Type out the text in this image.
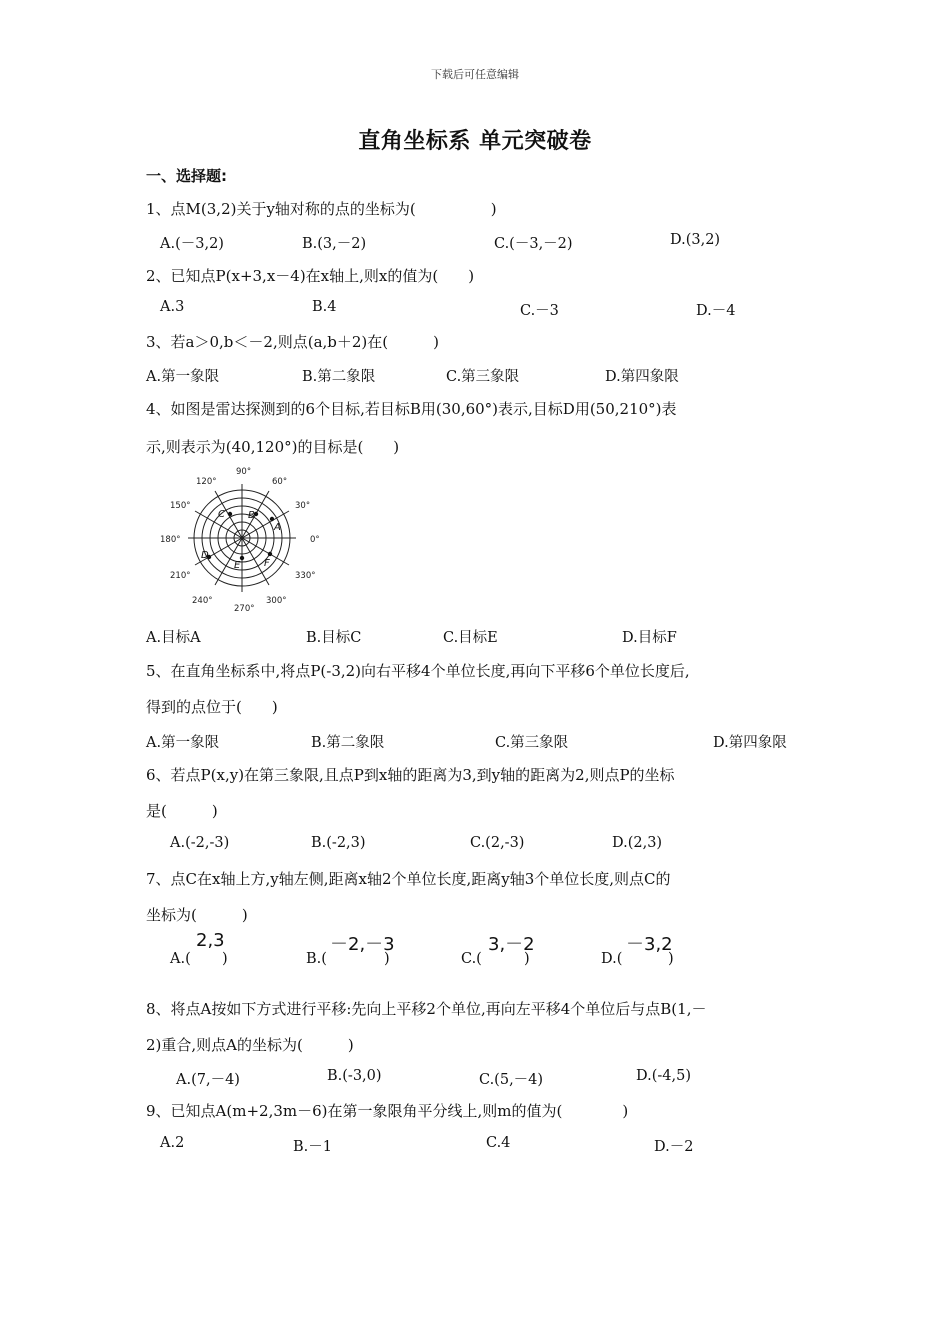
下载后可任意编辑
直角坐标系 单元突破卷
一、选择题:
1、点M(3,2)关于y轴对称的点的坐标为(　　　　　)
A.(－3,2)	B.(3,－2)	C.(－3,－2)	D.(3,2)
2、已知点P(x+3,x－4)在x轴上,则x的值为(　　)
A.3	B.4	C.－3	D.－4
3、若a＞0,b＜－2,则点(a,b＋2)在(　　　)
A.第一象限	B.第二象限	C.第三象限	D.第四象限
4、如图是雷达探测到的6个目标,若目标B用(30,60°)表示,目标D用(50,210°)表
示,则表示为(40,120°)的目标是(　　)
90°
120°	60°
150°	30°
180°	0°
210°	330°
240°	300°
270°
A
B
C
D
E F
A.目标A	B.目标C	C.目标E	D.目标F
5、在直角坐标系中,将点P(-3,2)向右平移4个单位长度,再向下平移6个单位长度后,
得到的点位于(　　)
A.第一象限	B.第二象限	C.第三象限	D.第四象限
6、若点P(x,y)在第三象限,且点P到x轴的距离为3,到y轴的距离为2,则点P的坐标
是(　　　)
A.(-2,-3)	B.(-2,3)	C.(2,-3)	D.(2,3)
7、点C在x轴上方,y轴左侧,距离x轴2个单位长度,距离y轴3个单位长度,则点C的
坐标为(　　　)
A.(
2,3
)	B.(
－2,－3
)	C.(
3,－2
)	D.(
－3,2
)
8、将点A按如下方式进行平移:先向上平移2个单位,再向左平移4个单位后与点B(1,－
2)重合,则点A的坐标为(　　　)
A.(7,－4)	B.(-3,0)	C.(5,－4)	D.(-4,5)
9、已知点A(m+2,3m－6)在第一象限角平分线上,则m的值为(　　　　)
A.2	B.－1	C.4	D.－2
